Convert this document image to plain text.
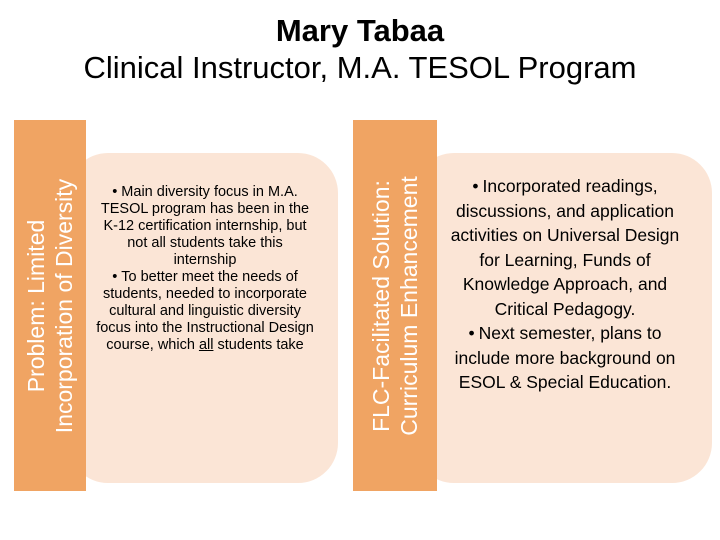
Mary Tabaa
Clinical Instructor, M.A. TESOL Program
Problem: Limited Incorporation of Diversity	• Main diversity focus in M.A. TESOL program has been in the K-12 certification internship, but not all students take this internship
• To better meet the needs of students, needed to incorporate cultural and linguistic diversity focus into the Instructional Design course, which all students take	FLC-Facilitated Solution: Curriculum Enhancement	• Incorporated readings, discussions, and application activities on Universal Design for Learning, Funds of Knowledge Approach, and Critical Pedagogy.
• Next semester, plans to include more background on ESOL & Special Education.
